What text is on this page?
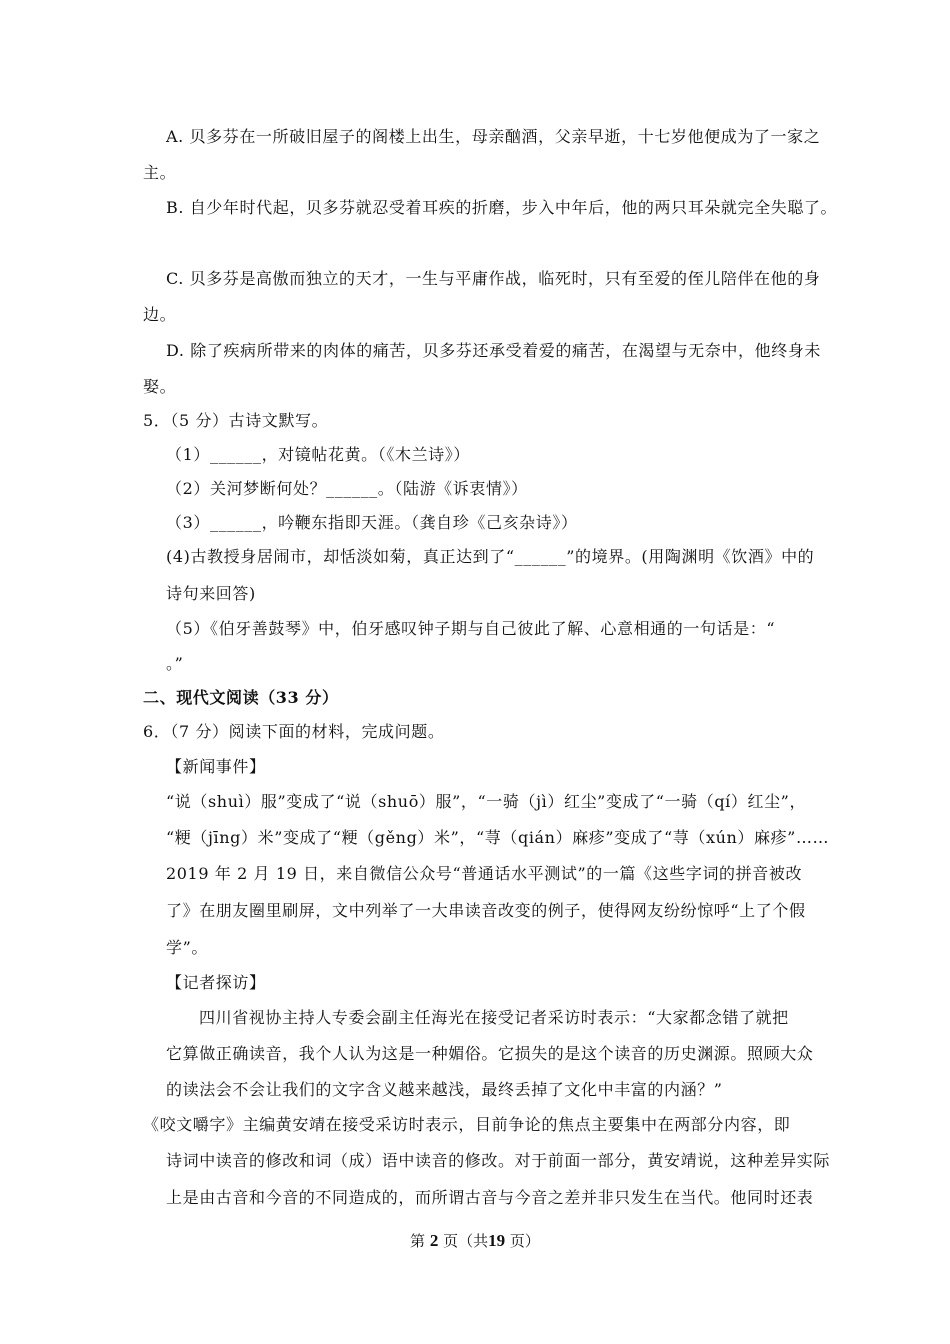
A. 贝多芬在一所破旧屋子的阁楼上出生，母亲酗酒，父亲早逝，十七岁他便成为了一家之
主。
B. 自少年时代起，贝多芬就忍受着耳疾的折磨，步入中年后，他的两只耳朵就完全失聪了。
C. 贝多芬是高傲而独立的天才，一生与平庸作战，临死时，只有至爱的侄儿陪伴在他的身
边。
D. 除了疾病所带来的肉体的痛苦，贝多芬还承受着爱的痛苦，在渴望与无奈中，他终身未
娶。
5．（5 分）古诗文默写。
（1）______，对镜帖花黄。（《木兰诗》）
（2）关河梦断何处？______。（陆游《诉衷情》）
（3）______，吟鞭东指即天涯。（龚自珍《己亥杂诗》）
(4)古教授身居闹市，却恬淡如菊，真正达到了“______”的境界。(用陶渊明《饮酒》中的
诗句来回答)
（5）《伯牙善鼓琴》中，伯牙感叹钟子期与自己彼此了解、心意相通的一句话是：“
。”
二、现代文阅读（33 分）
6．（7 分）阅读下面的材料，完成问题。
【新闻事件】
“说（shuì）服”变成了“说（shuō）服”，“一骑（jì）红尘”变成了“一骑（qí）红尘”，
“粳（jīng）米”变成了“粳（gěng）米”，“荨（qián）麻疹”变成了“荨（xún）麻疹”……
2019 年 2 月 19 日，来自微信公众号“普通话水平测试”的一篇《这些字词的拼音被改
了》在朋友圈里刷屏，文中列举了一大串读音改变的例子，使得网友纷纷惊呼“上了个假
学”。
【记者探访】
四川省视协主持人专委会副主任海光在接受记者采访时表示：“大家都念错了就把
它算做正确读音，我个人认为这是一种媚俗。它损失的是这个读音的历史渊源。照顾大众
的读法会不会让我们的文字含义越来越浅，最终丢掉了文化中丰富的内涵？”
《咬文嚼字》主编黄安靖在接受采访时表示，目前争论的焦点主要集中在两部分内容，即
诗词中读音的修改和词（成）语中读音的修改。对于前面一部分，黄安靖说，这种差异实际
上是由古音和今音的不同造成的，而所谓古音与今音之差并非只发生在当代。他同时还表
第 2 页（共19 页）
